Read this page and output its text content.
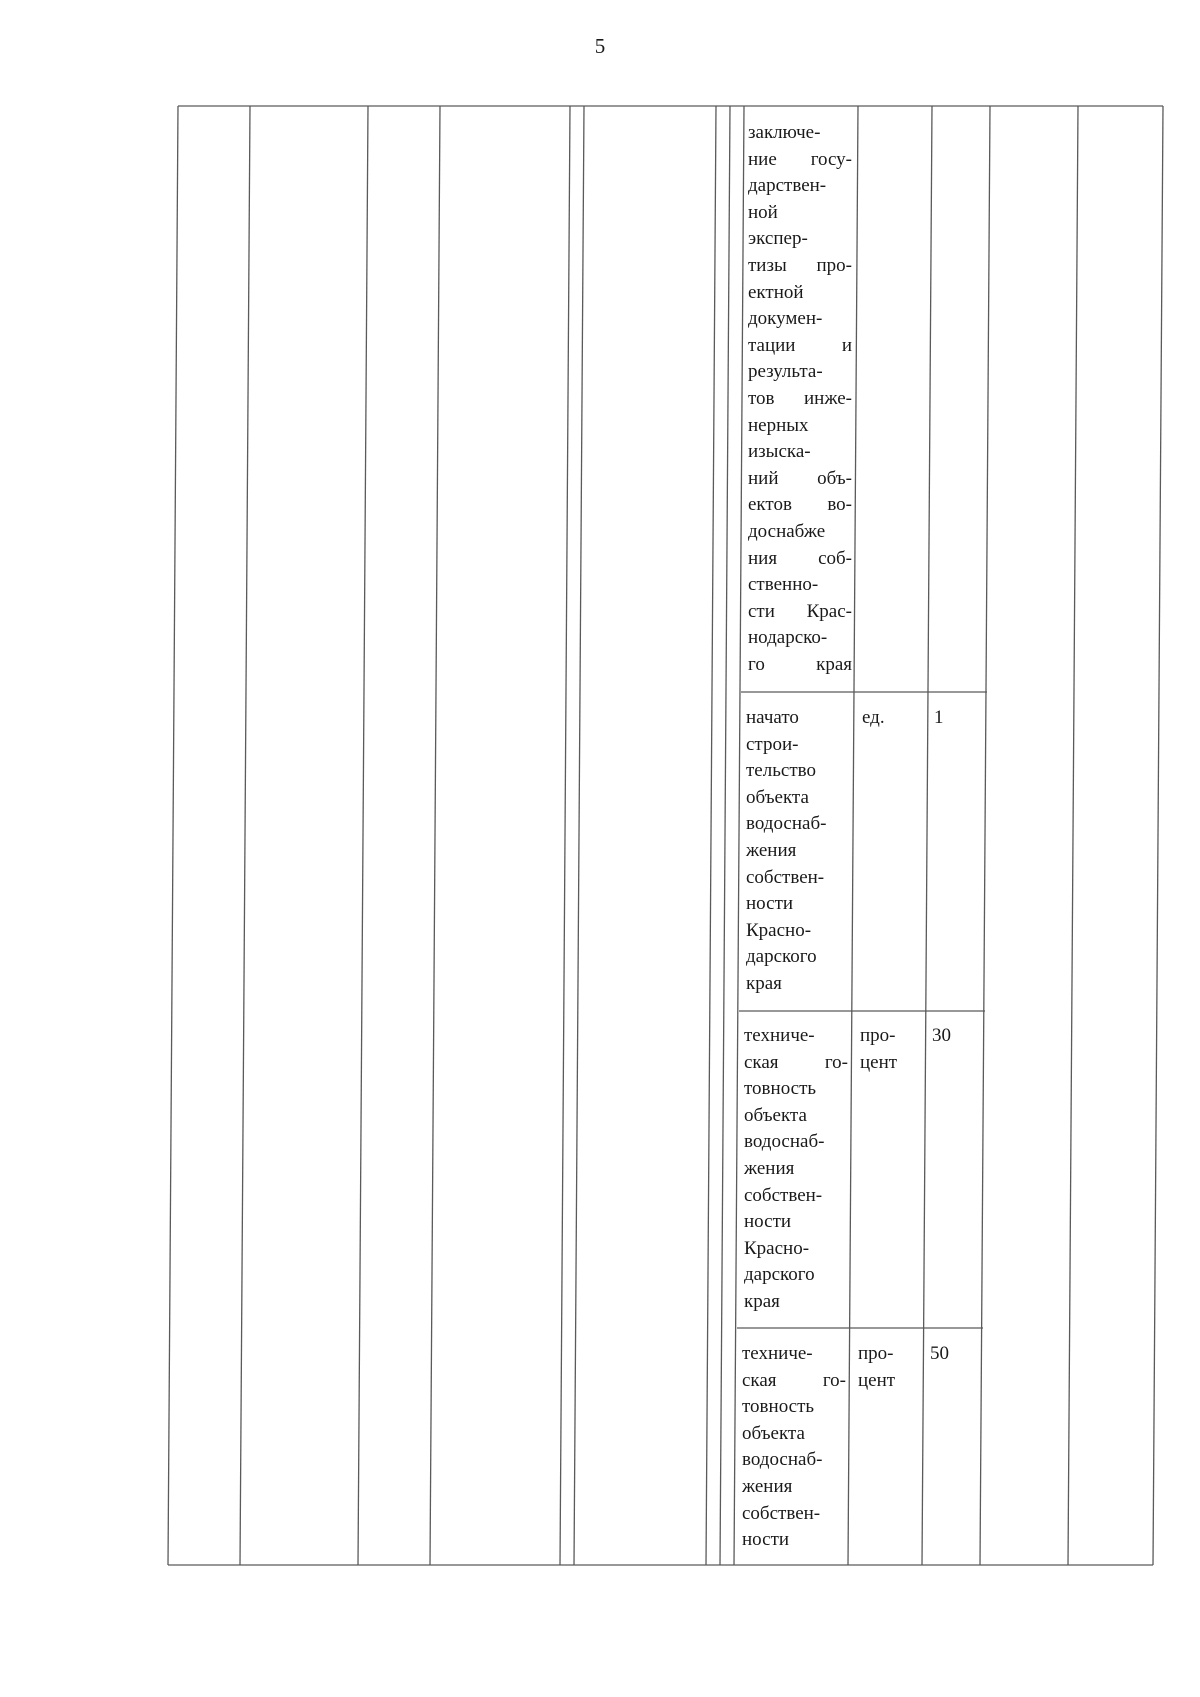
5
заключе-
ние госу-
дарствен-
ной
экспер-
тизы про-
ектной
докумен-
тации и
результа-
тов инже-
нерных
изыска-
ний объ-
ектов во-
доснабже
ния соб-
ственно-
сти Крас-
нодарско-
го	края
начато
строи-
тельство
объекта
водоснаб-
жения
собствен-
ности
Красно-
дарского
края
ед.	1
техниче-
ская го-
товность
объекта
водоснаб-
жения
собствен-
ности
Красно-
дарского
края
про-
цент
30
техниче-
ская го-
товность
объекта
водоснаб-
жения
собствен-
ности
про-
цент
50
